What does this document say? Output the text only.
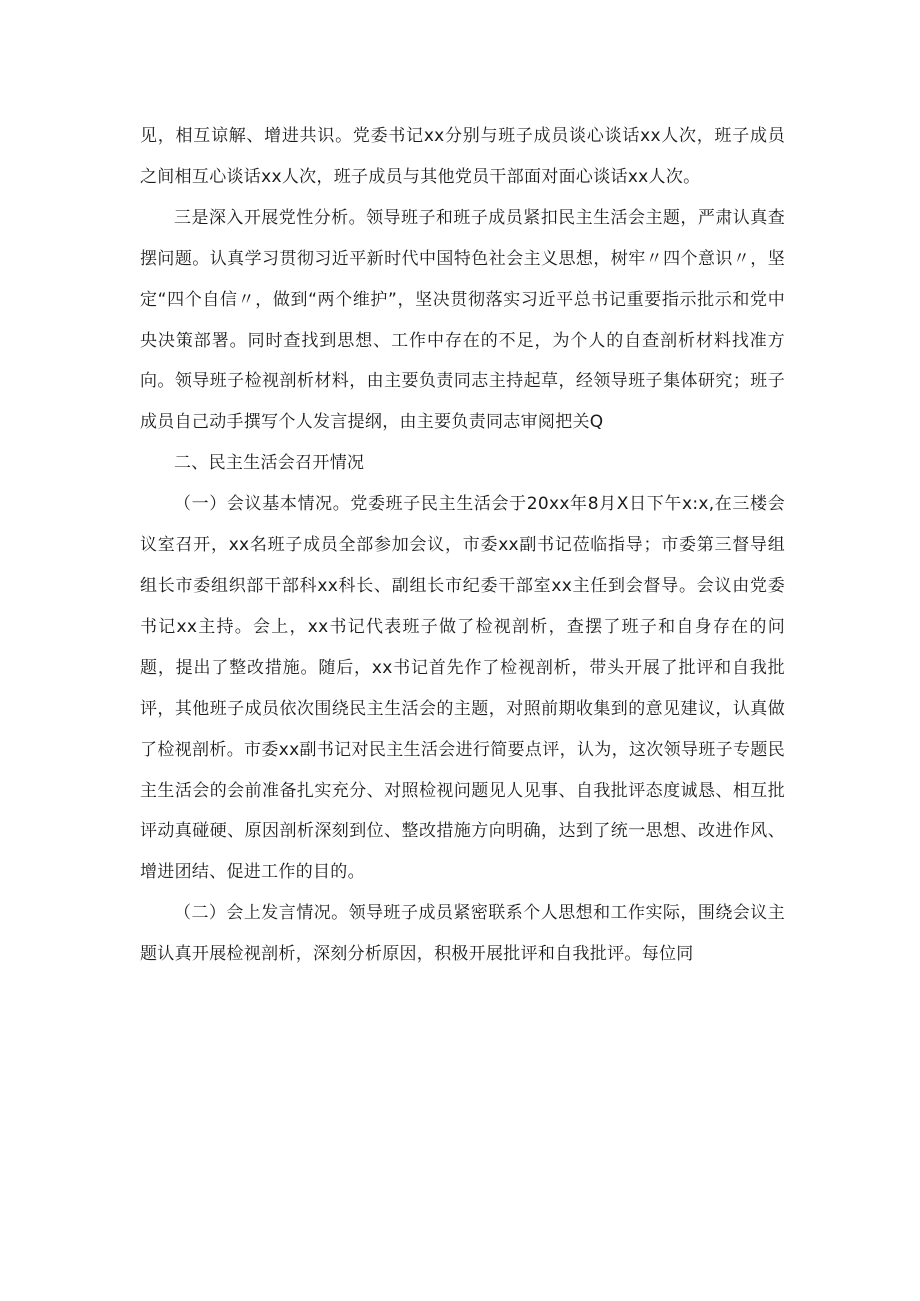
见，相互谅解、增进共识。党委书记xx分别与班子成员谈心谈话xx人次，班子成员之间相互心谈话xx人次，班子成员与其他党员干部面对面心谈话xx人次。

三是深入开展党性分析。领导班子和班子成员紧扣民主生活会主题，严肃认真查摆问题。认真学习贯彻习近平新时代中国特色社会主义思想，树牢〃四个意识〃，坚定“四个自信〃，做到“两个维护”，坚决贯彻落实习近平总书记重要指示批示和党中央决策部署。同时查找到思想、工作中存在的不足，为个人的自查剖析材料找准方向。领导班子检视剖析材料，由主要负责同志主持起草，经领导班子集体研究；班子成员自己动手撰写个人发言提纲，由主要负责同志审阅把关Q

二、民主生活会召开情况

（一）会议基本情况。党委班子民主生活会于20xx年8月X日下午x:x,在三楼会议室召开，xx名班子成员全部参加会议，市委xx副书记莅临指导；市委第三督导组组长市委组织部干部科xx科长、副组长市纪委干部室xx主任到会督导。会议由党委书记xx主持。会上，xx书记代表班子做了检视剖析，查摆了班子和自身存在的问题，提出了整改措施。随后，xx书记首先作了检视剖析，带头开展了批评和自我批评，其他班子成员依次围绕民主生活会的主题，对照前期收集到的意见建议，认真做了检视剖析。市委xx副书记对民主生活会进行简要点评，认为，这次领导班子专题民主生活会的会前准备扎实充分、对照检视问题见人见事、自我批评态度诚恳、相互批评动真碰硬、原因剖析深刻到位、整改措施方向明确，达到了统一思想、改进作风、增进团结、促进工作的目的。

（二）会上发言情况。领导班子成员紧密联系个人思想和工作实际，围绕会议主题认真开展检视剖析，深刻分析原因，积极开展批评和自我批评。每位同
